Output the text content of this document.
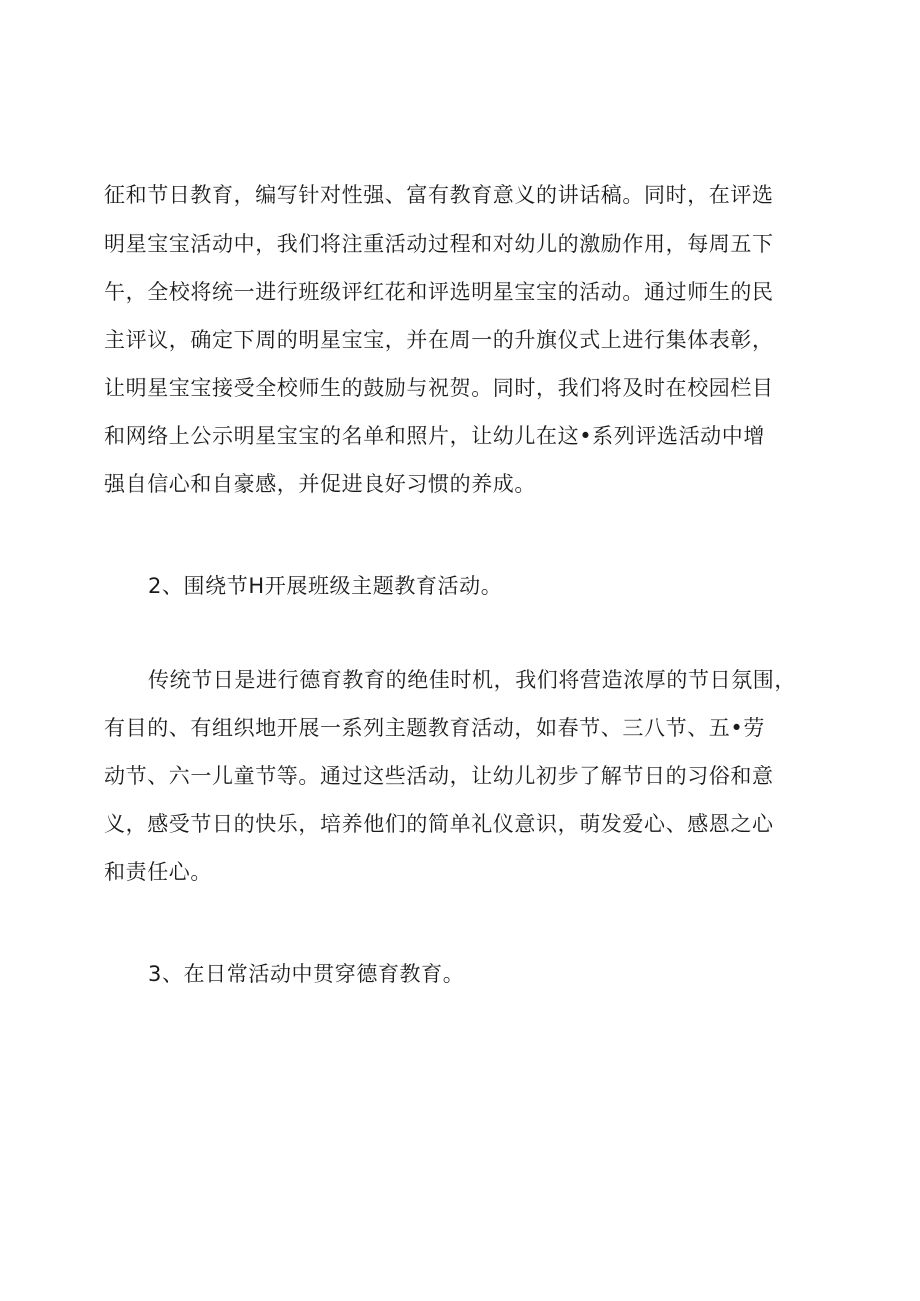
征和节日教育，编写针对性强、富有教育意义的讲话稿。同时，在评选

明星宝宝活动中，我们将注重活动过程和对幼儿的激励作用，每周五下

午，全校将统一进行班级评红花和评选明星宝宝的活动。通过师生的民

主评议，确定下周的明星宝宝，并在周一的升旗仪式上进行集体表彰，

让明星宝宝接受全校师生的鼓励与祝贺。同时，我们将及时在校园栏目

和网络上公示明星宝宝的名单和照片，让幼儿在这•系列评选活动中增

强自信心和自豪感，并促进良好习惯的养成。

2、围绕节H开展班级主题教育活动。

传统节日是进行德育教育的绝佳时机，我们将营造浓厚的节日氛围，

有目的、有组织地开展一系列主题教育活动，如春节、三八节、五•劳

动节、六一儿童节等。通过这些活动，让幼儿初步了解节日的习俗和意

义，感受节日的快乐，培养他们的简单礼仪意识，萌发爱心、感恩之心

和责任心。

3、在日常活动中贯穿德育教育。
